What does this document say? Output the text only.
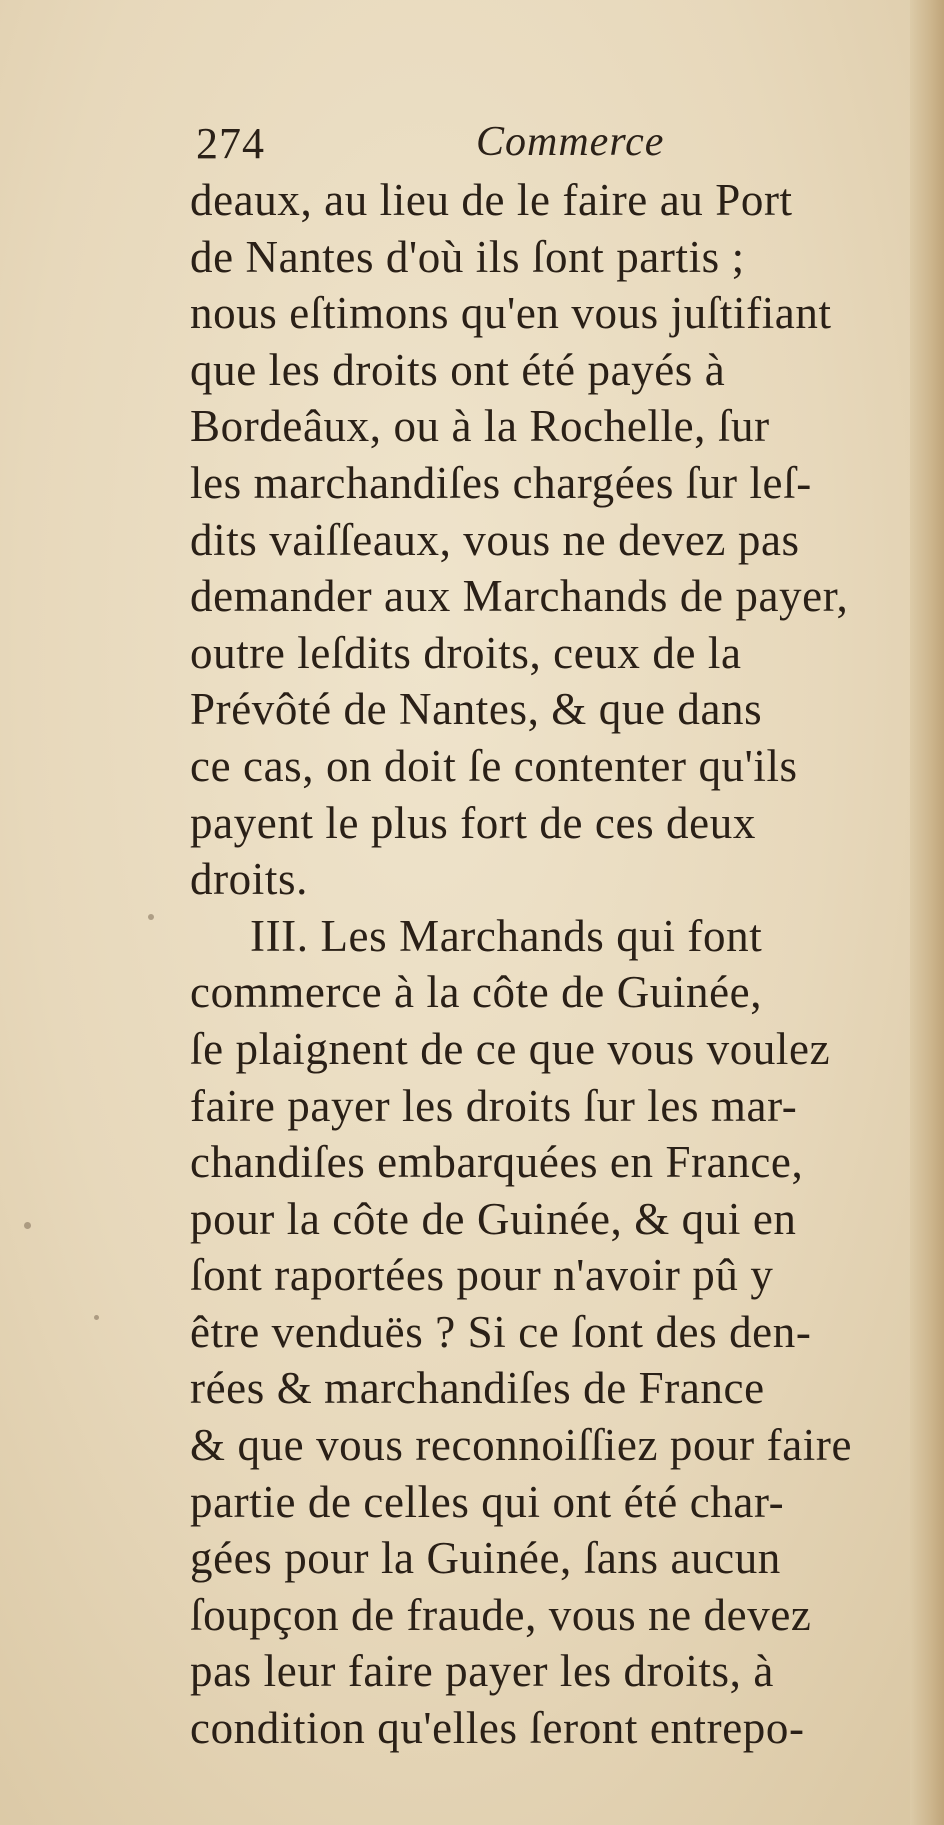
274	Commerce
deaux, au lieu de le faire au Port
de Nantes d'où ils ſont partis ;
nous eſtimons qu'en vous juſtifiant
que les droits ont été payés à
Bordeâux, ou à la Rochelle, ſur
les marchandiſes chargées ſur leſ-
dits vaiſſeaux, vous ne devez pas
demander aux Marchands de payer,
outre leſdits droits, ceux de la
Prévôté de Nantes, & que dans
ce cas, on doit ſe contenter qu'ils
payent le plus fort de ces deux
droits.
III. Les Marchands qui font
commerce à la côte de Guinée,
ſe plaignent de ce que vous voulez
faire payer les droits ſur les mar-
chandiſes embarquées en France,
pour la côte de Guinée, & qui en
ſont raportées pour n'avoir pû y
être venduës ? Si ce ſont des den-
rées & marchandiſes de France
& que vous reconnoiſſiez pour faire
partie de celles qui ont été char-
gées pour la Guinée, ſans aucun
ſoupçon de fraude, vous ne devez
pas leur faire payer les droits, à
condition qu'elles ſeront entrepo-
